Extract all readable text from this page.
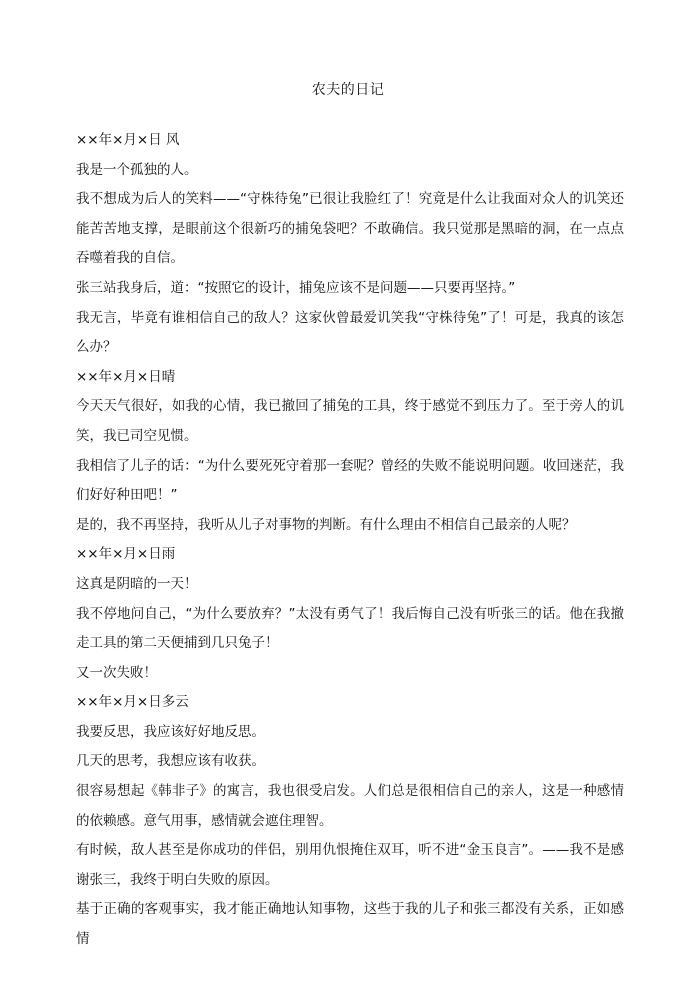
农夫的日记

××年×月×日 风

我是一个孤独的人。

我不想成为后人的笑料——“守株待兔”已很让我脸红了！究竟是什么让我面对众人的讥笑还能苦苦地支撑，是眼前这个很新巧的捕兔袋吧？不敢确信。我只觉那是黑暗的洞，在一点点吞噬着我的自信。

张三站我身后，道：“按照它的设计，捕兔应该不是问题——只要再坚持。”

我无言，毕竟有谁相信自己的敌人？这家伙曾最爱讥笑我“守株待兔”了！可是，我真的该怎么办？

××年×月×日晴

今天天气很好，如我的心情，我已撤回了捕兔的工具，终于感觉不到压力了。至于旁人的讥笑，我已司空见惯。

我相信了儿子的话：“为什么要死死守着那一套呢？曾经的失败不能说明问题。收回迷茫，我们好好种田吧！”

是的，我不再坚持，我听从儿子对事物的判断。有什么理由不相信自己最亲的人呢？

××年×月×日雨

这真是阴暗的一天！

我不停地问自己，“为什么要放弃？”太没有勇气了！我后悔自己没有听张三的话。他在我撤走工具的第二天便捕到几只兔子！

又一次失败！

××年×月×日多云

我要反思，我应该好好地反思。

几天的思考，我想应该有收获。

很容易想起《韩非子》的寓言，我也很受启发。人们总是很相信自己的亲人，这是一种感情的依赖感。意气用事，感情就会遮住理智。

有时候，敌人甚至是你成功的伴侣，别用仇恨掩住双耳，听不进“金玉良言”。——我不是感谢张三，我终于明白失败的原因。

基于正确的客观事实，我才能正确地认知事物，这些于我的儿子和张三都没有关系，正如感情
